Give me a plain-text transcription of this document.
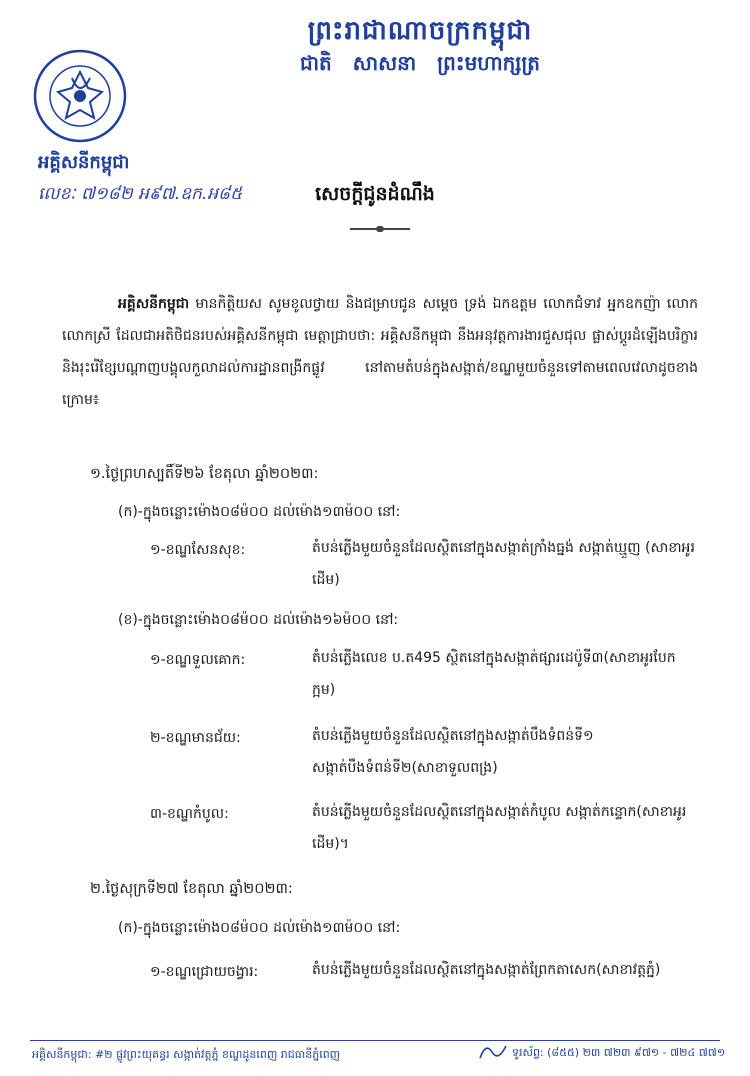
ព្រះរាជាណាចក្រកម្ពុជា
ជាតិ សាសនា ព្រះមហាក្សត្រ
អគ្គិសនីកម្ពុជា
លេខៈ ៧១៨២ អ៩៧.ឧក.អ៨៥	សេចក្តីជូនដំណឹង
អគ្គិសនីកម្ពុជា មានកិត្តិយស សូមខូលថ្វាយ និងជម្រាបជូន សម្តេច ទ្រង់ ឯកឧត្តម លោកជំទាវ អ្នកឧកញ៉ា លោក លោកស្រី ដែលជាអតិថិជនរបស់អគ្គិសនីកម្ពុជា មេត្តាជ្រាបថា: អគ្គិសនីកម្ពុជា នឹងអនុវត្តការងារជួសជុល ផ្លាស់ប្តូរដំឡើងបរិក្ខារ និងរុះរើខ្សែបណ្តាញបង្គុលកួលាដល់ការដ្ឋានពង្រីកផ្លូវ នៅតាមតំបន់ក្នុងសង្កាត់/ខណ្ឌមួយចំនួនទៅតាមពេលវេលាដូចខាងក្រោម៖
១.ថ្ងៃព្រហស្បតិ៍ទី២៦ ខែតុលា ឆ្នាំ២០២៣:
(ក)-ក្នុងចន្លោះម៉ោង០៨ម៉០០ ដល់ម៉ោង១៣ម៉០០ នៅ:
១-ខណ្ឌសែនសុខ:	តំបន់ភ្លើងមួយចំនួនដែលស្ថិតនៅក្នុងសង្កាត់ក្រាំងធ្នង់ សង្កាត់ឃ្មួញ (សាខាអូរដើម)
(ខ)-ក្នុងចន្លោះម៉ោង០៨ម៉០០ ដល់ម៉ោង១៦ម៉០០ នៅ:
១-ខណ្ឌទួលគោក:	តំបន់ភ្លើងលេខ ប.ត495 ស្ថិតនៅក្នុងសង្កាត់ផ្សារដេប៉ូទី៣(សាខាអូរបែកក្អម)
២-ខណ្ឌមានជ័យ:	តំបន់ភ្លើងមួយចំនួនដែលស្ថិតនៅក្នុងសង្កាត់បឹងទំពន់ទី១ សង្កាត់បឹងទំពន់ទី២(សាខាទួលពង្រ)
៣-ខណ្ឌកំបូល:	តំបន់ភ្លើងមួយចំនួនដែលស្ថិតនៅក្នុងសង្កាត់កំបូល សង្កាត់កន្ទោក(សាខាអូរដើម)។
២.ថ្ងៃសុក្រទី២៧ ខែតុលា ឆ្នាំ២០២៣:
(ក)-ក្នុងចន្លោះម៉ោង០៨ម៉០០ ដល់ម៉ោង១៣ម៉០០ នៅ:
១-ខណ្ឌជ្រោយចង្វារ:	តំបន់ភ្លើងមួយចំនួនដែលស្ថិតនៅក្នុងសង្កាត់ព្រែកតាសេក(សាខាវត្តភ្នំ)
អគ្គិសនីកម្ពុជា: #២ ផ្លូវព្រះយុគន្ធរ សង្កាត់វត្តភ្នំ ខណ្ឌដូនពេញ រាជធានីភ្នំពេញ	ទូរស័ព្ទ: (៨៥៥) ២៣ ៧២៣ ៩៧១ - ៧២៤ ៧៧១
